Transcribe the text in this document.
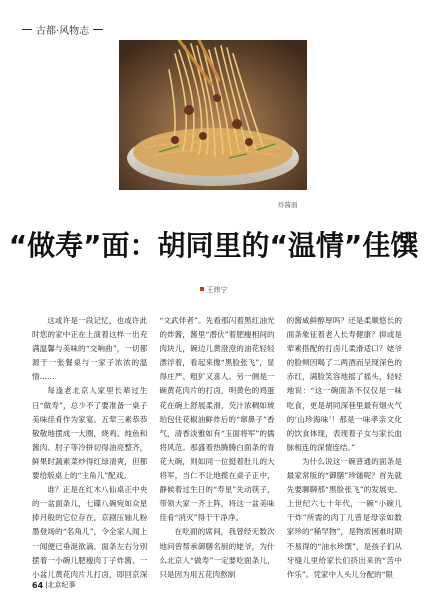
古都·风物志
炸酱面
“做寿”面：胡同里的“温情”佳馔
王炜宁

这或许是一段记忆，也或许此时您的家中正在上演着这样一出充满温馨与美味的“交响曲”，一切都源于一张餐桌与一家子浓浓的温情……

每逢老北京人家里长辈过生日“做寿”，总少不了要准备一桌子美味佳肴作为家宴。五荤三素恭恭敬敬地摆成一大圈，烧鸡、炖鱼和酱肉、肘子等冷拼切得油亮整齐，鲜果时蔬素菜炒得红绿清爽，但都要给版桌上的“主角儿”配戏。

谁？正是在红木八仙桌正中央的一盆面条儿，七碟八碗宛如众星捧月般的它位存在，京剧压轴儿粉墨登场的“名角儿”，令全家人闻上一闻便已垂涎欲滴。面条左右分别摆着一小碗儿肥瘦肉丁子炸酱、一小盆儿黄花肉片儿打卤，即回京深

“文武伴者”。先看那闪着黑红油光的炸酱，酱里“潜伏”着肥瘦相间的肉块儿，碗边儿黄澄澄的油花轻轻漂浮着，看起来像“黑脸张飞”，显得庄严、粗犷又喜人。另一侧是一碗黄花肉片的打卤，明黄色的鸡蛋花在碗上舒展柔滑，芡汁浓稠如琥珀包住花椒油鲜炸后的“窜鼻子”香气，清香淡雅如有“玉面将军”的儒将风范。那盛着热腾腾白面条的青花大碗，则如同一位挺着肚儿的大将军，当仁不让地揽在桌子正中，静候着过生日的“寿星”先动筷子，带领大家一齐上阵，将这一盆美味佳肴“消灭”得干干净净。

在吃面的席间，我曾经无数次地问曾帮承御膳名厨的姥爷，为什么北京人“做寿”一定要吃面条儿，只是因为用五花肉熬制

的酱咸鲜醇厚吗？还是柔顺悠长的面条象征着老人长寿健康？抑或是荤素搭配的打卤儿柔滑适口？姥爷的脸颊因喝了二两酒而呈现深色的赤红，满脸笑容地摇了摇头，轻轻地说：“这一碗面条不仅仅是一味吃食，更是胡同深巷里最有烟火气的‘山珍海味’！那是一味孝亲文化的饮食体现，表现着子女与家长血脉相连的深情连结。”

为什么说这一碗普通的面条是最家常版的“御膳”珍馐呢？首先就先要聊聊那“黑脸张飞”的发展史。上世纪六七十年代，一碗“小碗儿干炸”所需的肉丁儿曾是母亲如数家珍的“稀罕物”，是物质困难时期不易得的“油水珍馔”，是孩子们从牙缝儿里给家长们挤出来的“苦中作乐”。凭家中人头儿分配的“限

64 |北京纪事
